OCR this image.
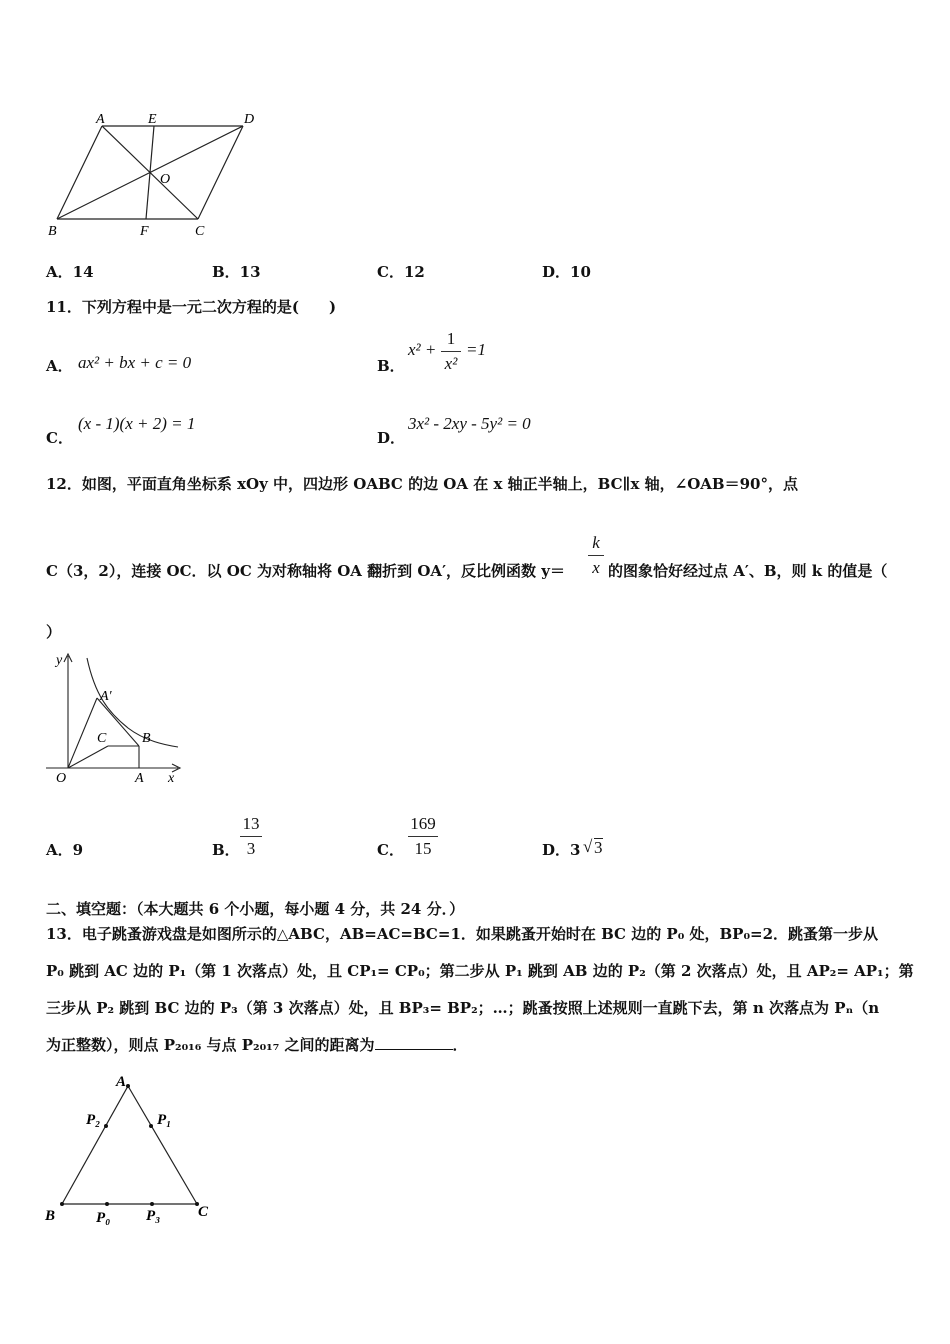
A	E	D
O
B	F	C
A．14	B．13	C．12	D．10
11．下列方程中是一元二次方程的是(　　)
A． ax² + bx + c = 0	B．
x² +
1
x²
=1
C．
(x - 1)(x + 2) = 1
D．
3x² - 2xy - 5y² = 0
12．如图，平面直角坐标系 xOy 中，四边形 OABC 的边 OA 在 x 轴正半轴上，BC∥x 轴，∠OAB＝90°，点
C（3，2），连接 OC．以 OC 为对称轴将 OA 翻折到 OA′，反比例函数 y＝
k
x 的图象恰好经过点 A′、B，则 k 的值是（
）
y
A′
C	B
O	A x
A．9	B．
13
3	C．
169
15	D．3 √ 3
二、填空题：（本大题共 6 个小题，每小题 4 分，共 24 分．）
13．电子跳蚤游戏盘是如图所示的△ABC，AB=AC=BC=1．如果跳蚤开始时在 BC 边的 P₀ 处，BP₀=2．跳蚤第一步从
P₀ 跳到 AC 边的 P₁（第 1 次落点）处，且 CP₁= CP₀；第二步从 P₁ 跳到 AB 边的 P₂（第 2 次落点）处，且 AP₂= AP₁；第
三步从 P₂ 跳到 BC 边的 P₃（第 3 次落点）处，且 BP₃= BP₂；…；跳蚤按照上述规则一直跳下去，第 n 次落点为 Pₙ（n
为正整数），则点 P₂₀₁₆ 与点 P₂₀₁₇ 之间的距离为	．
A
P₂	P₁
B	P₀ P₃	C
